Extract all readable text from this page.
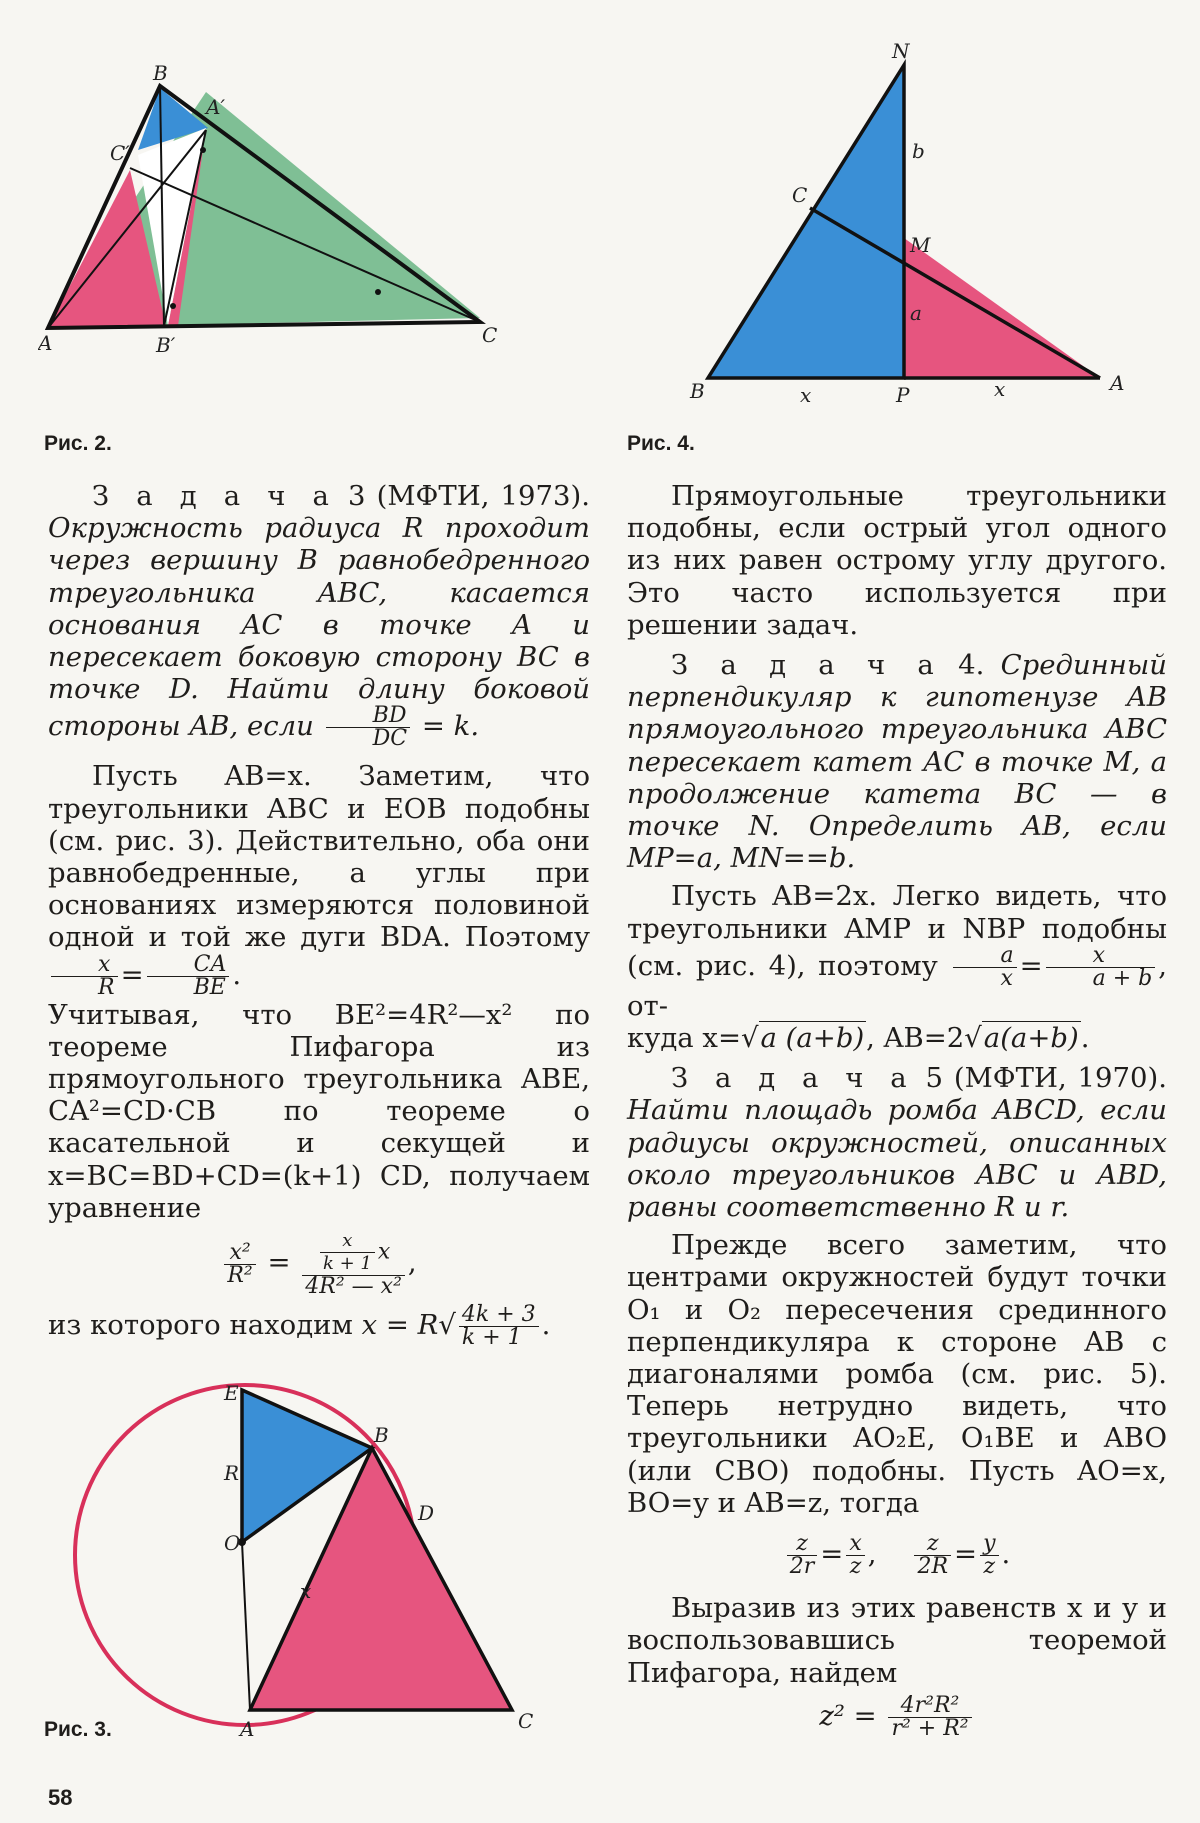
B
A′
C′
A	B′	C
Рис. 2.
N
C
M
b
a
B	x	P	x	A
Рис. 4.

З а д а ч а 3 (МФТИ, 1973). Окружность радиуса R проходит через вершину B равнобедренного треугольника ABC, касается основания AC в точке A и пересекает боковую сторону BC в точке D. Найти длину боковой стороны AB, если $\frac{BD}{DC} = k$.

Пусть AB=x. Заметим, что треугольники ABC и EOB подобны (см. рис. 3). Действительно, оба они равнобедренные, а углы при основаниях измеряются половиной одной и той же дуги BDA. Поэтому
$\frac{x}{R} = \frac{CA}{BE}$ .

Учитывая, что BE²=4R²—x² по теореме Пифагора из прямоугольного треугольника ABE, CA²=CD·CB по теореме о касательной и секущей и x=BC=BD+CD=(k+1) CD, получаем уравнение

$\frac{\text{x²}}{\text{R²}} = \frac{\frac{x}{k + 1} x}{\text{4R² — x²}}$ ,

из которого находим $x = R√ \frac{4k + 3}{k + 1}$ .

E
B
R
D
O
x
A	C
Рис. 3.

Прямоугольные треугольники подобны, если острый угол одного из них равен острому углу другого. Это часто используется при решении задач.

З а д а ч а 4. Срединный перпендикуляр к гипотенузе AB прямоугольного треугольника ABC пересекает катет AC в точке M, а продолжение катета BC — в точке N. Определить AB, если MP=a, MN==b.

Пусть AB=2x. Легко видеть, что треугольники AMP и NBP подобны (см. рис. 4), поэтому $\frac{a}{x} = \frac{x}{a + b}$ , от-

куда x=√a (a+b), AB=2√a(a+b).

З а д а ч а 5 (МФТИ, 1970). Найти площадь ромба ABCD, если радиусы окружностей, описанных около треугольников ABC и ABD, равны соответственно R и r.

Прежде всего заметим, что центрами окружностей будут точки O₁ и O₂ пересечения срединного перпендикуляра к стороне AB с диагоналями ромба (см. рис. 5). Теперь нетрудно видеть, что треугольники AO₂E, O₁BE и ABO (или CBO) подобны. Пусть AO=x, BO=y и AB=z, тогда

$\frac{z}{2r} = \frac{x}{z}$ , $\frac{z}{2R} = \frac{y}{z}$ .

Выразив из этих равенств x и y и воспользовавшись теоремой Пифагора, найдем

$z^2 = \frac{\text{4r²R²}}{\text{r² + R²}}$
58
